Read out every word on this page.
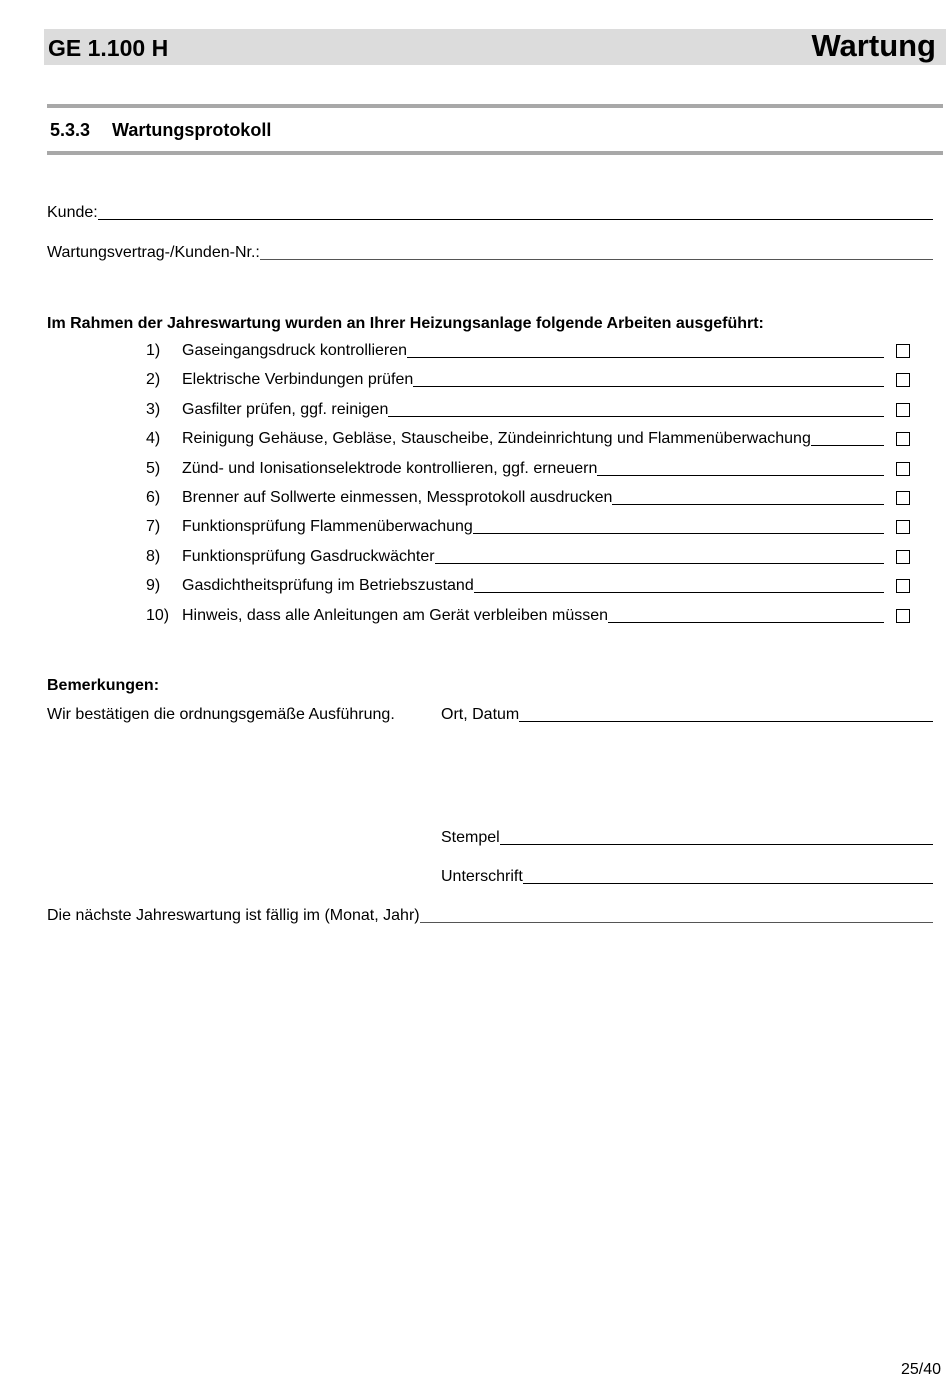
GE 1.100 H	Wartung
5.3.3 Wartungsprotokoll
Kunde:
Wartungsvertrag-/Kunden-Nr.:
Im Rahmen der Jahreswartung wurden an Ihrer Heizungsanlage folgende Arbeiten ausgeführt:
1) Gaseingangsdruck kontrollieren
2) Elektrische Verbindungen prüfen
3) Gasfilter prüfen, ggf. reinigen
4) Reinigung Gehäuse, Gebläse, Stauscheibe, Zündeinrichtung und Flammenüberwachung
5) Zünd- und Ionisationselektrode kontrollieren, ggf. erneuern
6) Brenner auf Sollwerte einmessen, Messprotokoll ausdrucken
7) Funktionsprüfung Flammenüberwachung
8) Funktionsprüfung Gasdruckwächter
9) Gasdichtheitsprüfung im Betriebszustand
10) Hinweis, dass alle Anleitungen am Gerät verbleiben müssen
Bemerkungen:
Wir bestätigen die ordnungsgemäße Ausführung.	Ort, Datum
Stempel
Unterschrift
Die nächste Jahreswartung ist fällig im (Monat, Jahr)
25/40
